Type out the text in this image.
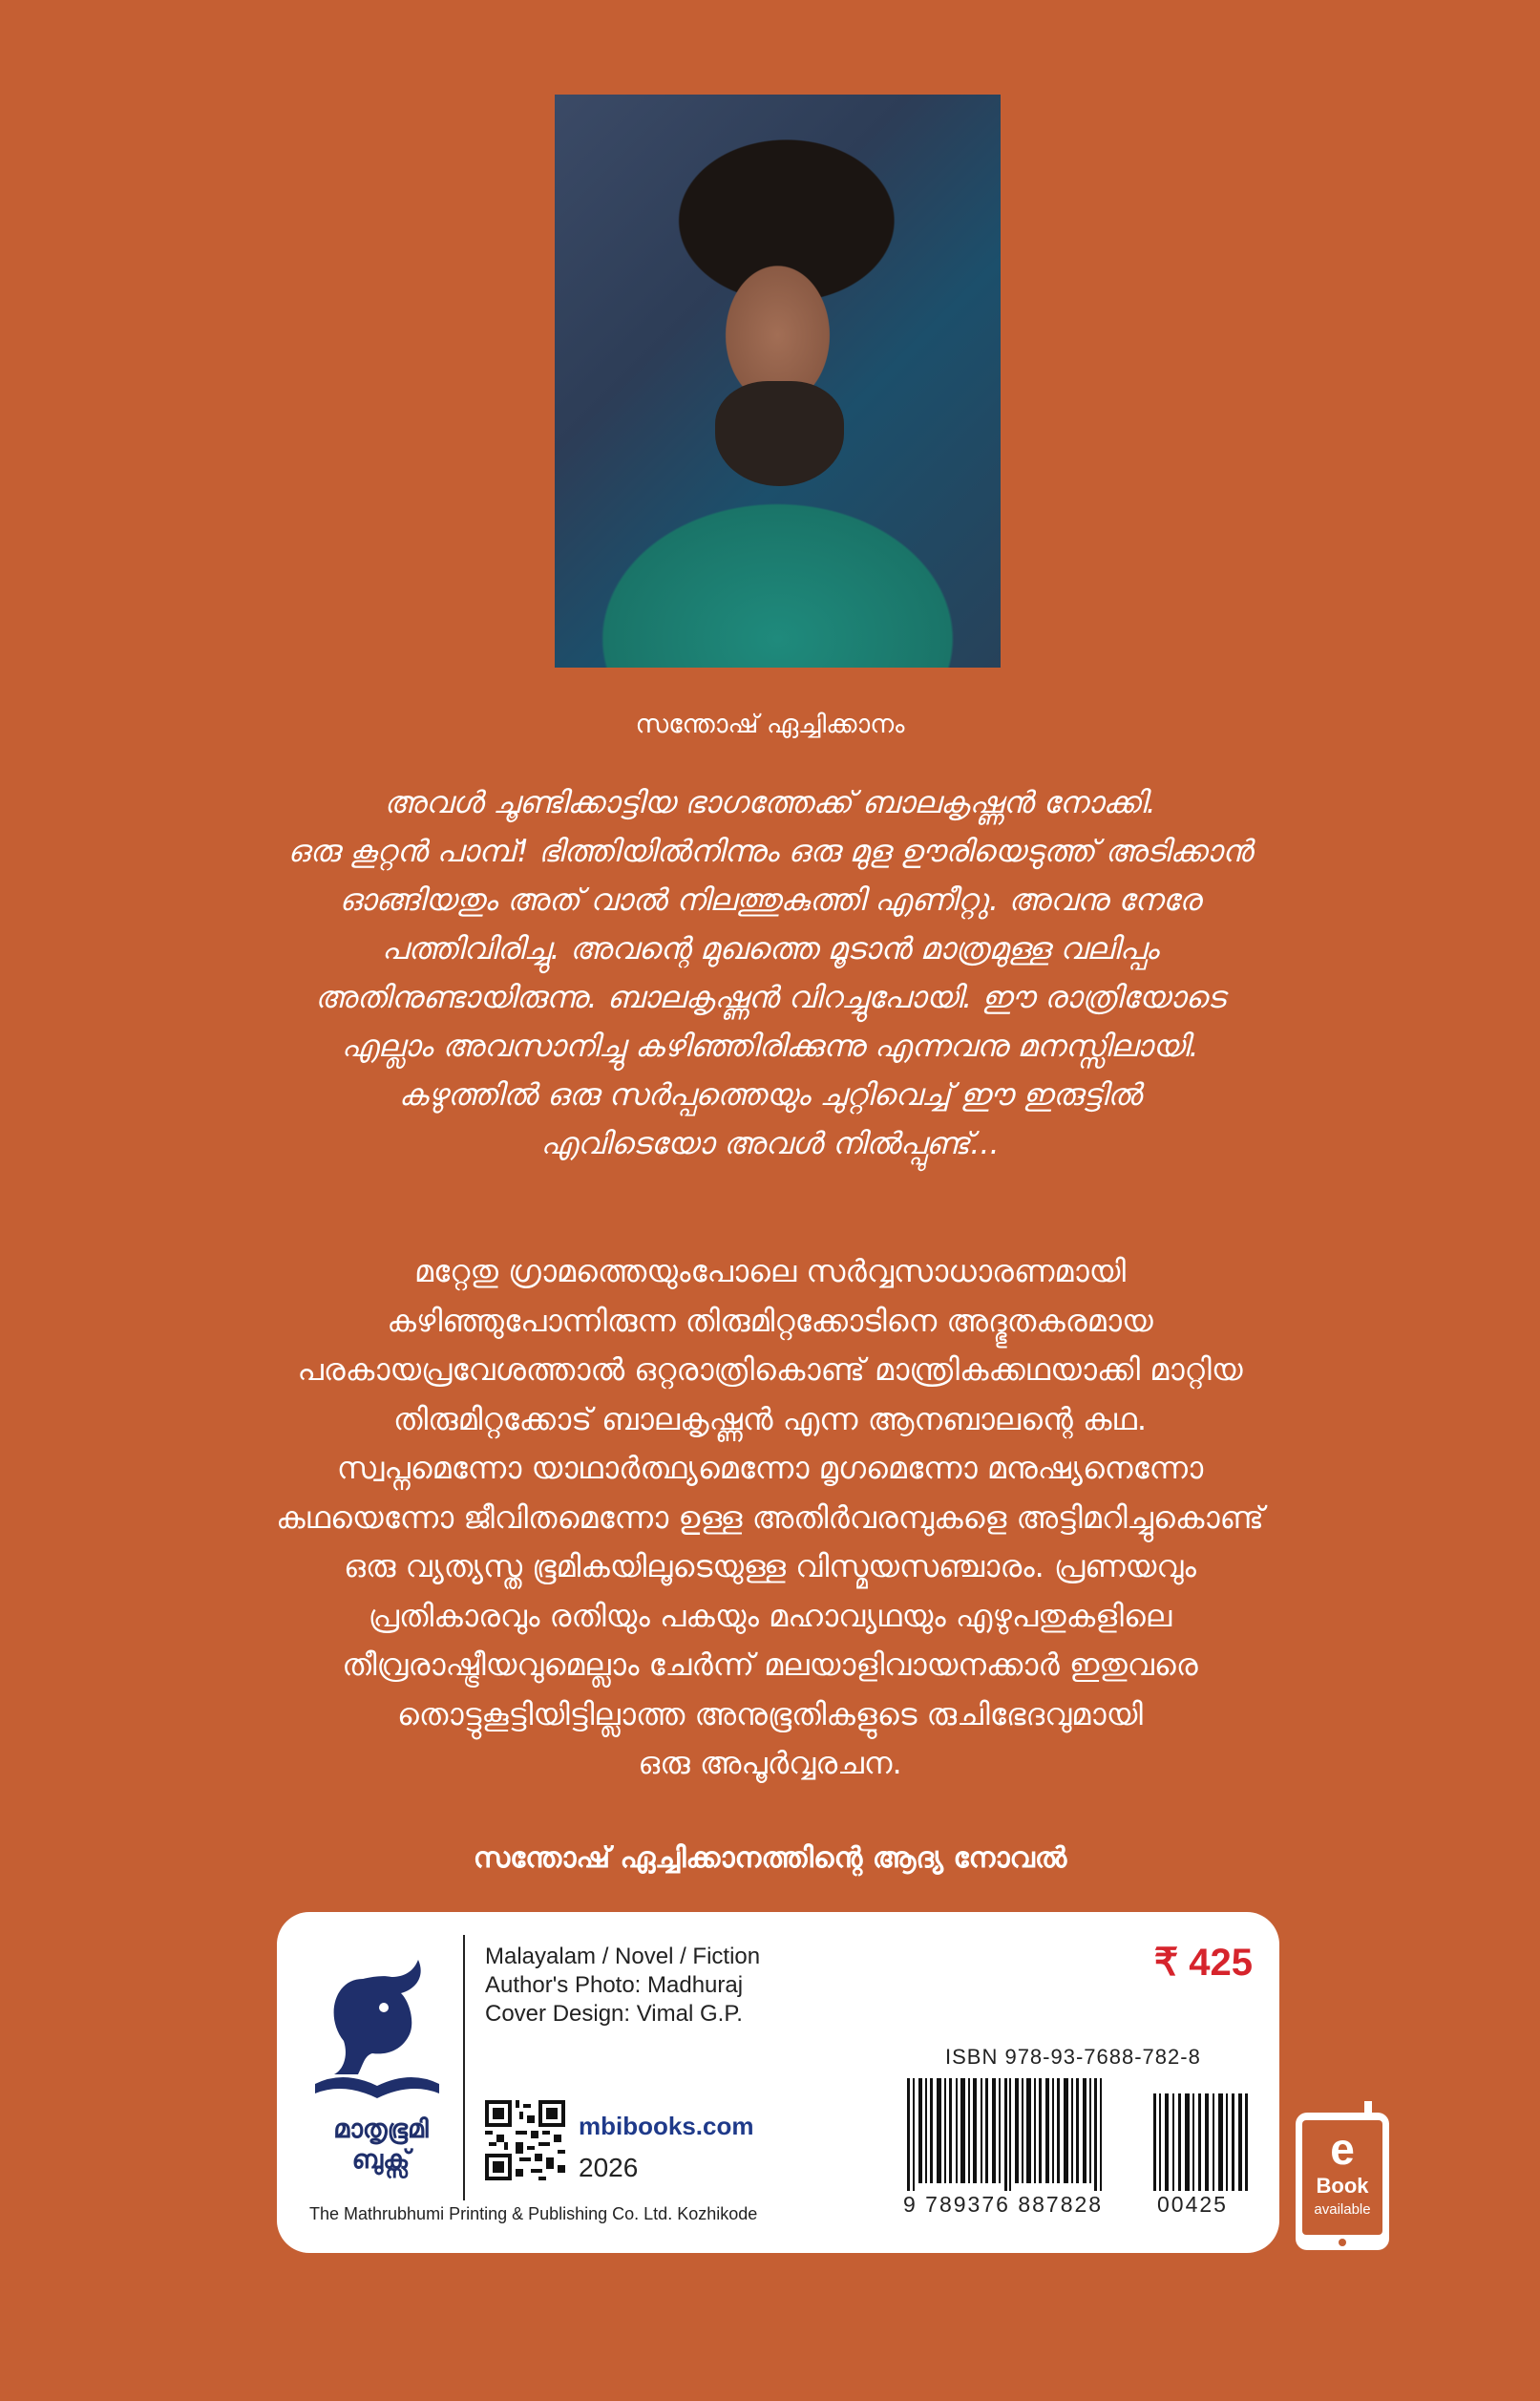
സന്തോഷ് ഏച്ചിക്കാനം
അവൾ ചൂണ്ടിക്കാട്ടിയ ഭാഗത്തേക്ക് ബാലകൃഷ്ണൻ നോക്കി.
ഒരു കൂറ്റൻ പാമ്പ്! ഭിത്തിയിൽനിന്നും ഒരു മുള ഊരിയെടുത്ത് അടിക്കാൻ
ഓങ്ങിയതും അത് വാൽ നിലത്തുകുത്തി എണീറ്റു. അവനു നേരേ
പത്തിവിരിച്ചു. അവന്റെ മുഖത്തെ മൂടാൻ മാത്രമുള്ള വലിപ്പം
അതിനുണ്ടായിരുന്നു. ബാലകൃഷ്ണൻ വിറച്ചുപോയി. ഈ രാത്രിയോടെ
എല്ലാം അവസാനിച്ചു കഴിഞ്ഞിരിക്കുന്നു എന്നവനു മനസ്സിലായി.
കഴുത്തിൽ ഒരു സർപ്പത്തെയും ചുറ്റിവെച്ച് ഈ ഇരുട്ടിൽ
എവിടെയോ അവൾ നിൽപ്പുണ്ട്...
മറ്റേതു ഗ്രാമത്തെയുംപോലെ സർവ്വസാധാരണമായി
കഴിഞ്ഞുപോന്നിരുന്ന തിരുമിറ്റക്കോടിനെ അദ്ഭുതകരമായ
പരകായപ്രവേശത്താൽ ഒറ്റരാത്രികൊണ്ട് മാന്ത്രികക്കഥയാക്കി മാറ്റിയ
തിരുമിറ്റക്കോട് ബാലകൃഷ്ണൻ എന്ന ആനബാലന്റെ കഥ.
സ്വപ്നമെന്നോ യാഥാർത്ഥ്യമെന്നോ മൃഗമെന്നോ മനുഷ്യനെന്നോ
കഥയെന്നോ ജീവിതമെന്നോ ഉള്ള അതിർവരമ്പുകളെ അട്ടിമറിച്ചുകൊണ്ട്
ഒരു വ്യത്യസ്ത ഭൂമികയിലൂടെയുള്ള വിസ്മയസഞ്ചാരം. പ്രണയവും
പ്രതികാരവും രതിയും പകയും മഹാവ്യഥയും എഴുപതുകളിലെ
തീവ്രരാഷ്ട്രീയവുമെല്ലാം ചേർന്ന് മലയാളിവായനക്കാർ ഇതുവരെ
തൊട്ടുകൂട്ടിയിട്ടില്ലാത്ത അനുഭൂതികളുടെ രുചിഭേദവുമായി
ഒരു അപൂർവ്വരചന.
സന്തോഷ് ഏച്ചിക്കാനത്തിന്റെ ആദ്യ നോവൽ
മാതൃഭൂമി
ബുക്സ്
Malayalam / Novel / Fiction
Author's Photo: Madhuraj
Cover Design: Vimal G.P.
₹ 425
ISBN 978-93-7688-782-8
9 789376 887828 00425
mbibooks.com
2026
The Mathrubhumi Printing & Publishing Co. Ltd. Kozhikode
e
Book
available
